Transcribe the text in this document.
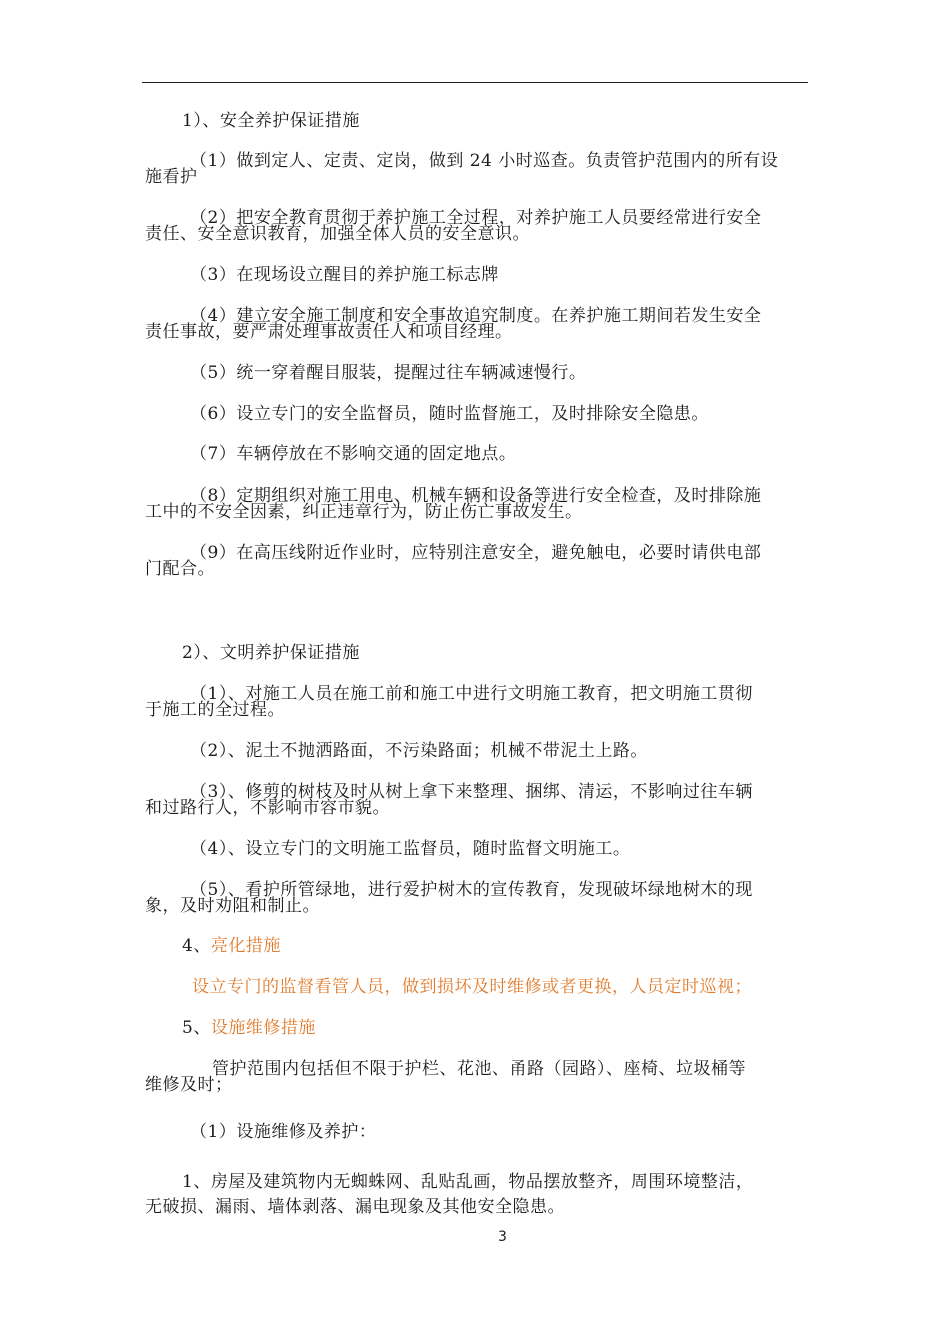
1）、安全养护保证措施
（1）做到定人、定责、定岗，做到 24 小时巡查。负责管护范围内的所有设
施看护
（2）把安全教育贯彻于养护施工全过程，对养护施工人员要经常进行安全
责任、安全意识教育，加强全体人员的安全意识。
（3）在现场设立醒目的养护施工标志牌
（4）建立安全施工制度和安全事故追究制度。在养护施工期间若发生安全
责任事故，要严肃处理事故责任人和项目经理。
（5）统一穿着醒目服装，提醒过往车辆减速慢行。
（6）设立专门的安全监督员，随时监督施工，及时排除安全隐患。
（7）车辆停放在不影响交通的固定地点。
（8）定期组织对施工用电、机械车辆和设备等进行安全检查，及时排除施
工中的不安全因素，纠正违章行为，防止伤亡事故发生。
（9）在高压线附近作业时，应特别注意安全，避免触电，必要时请供电部
门配合。
2）、文明养护保证措施
（1）、对施工人员在施工前和施工中进行文明施工教育，把文明施工贯彻
于施工的全过程。
（2）、泥土不抛洒路面，不污染路面；机械不带泥土上路。
（3）、修剪的树枝及时从树上拿下来整理、捆绑、清运，不影响过往车辆
和过路行人，不影响市容市貌。
（4）、设立专门的文明施工监督员，随时监督文明施工。
（5）、看护所管绿地，进行爱护树木的宣传教育，发现破坏绿地树木的现
象，及时劝阻和制止。
4、亮化措施
设立专门的监督看管人员，做到损坏及时维修或者更换，人员定时巡视；
5、设施维修措施
管护范围内包括但不限于护栏、花池、甬路（园路）、座椅、垃圾桶等
维修及时；
（1）设施维修及养护：
1、房屋及建筑物内无蜘蛛网、乱贴乱画，物品摆放整齐，周围环境整洁，
无破损、漏雨、墙体剥落、漏电现象及其他安全隐患。
3
